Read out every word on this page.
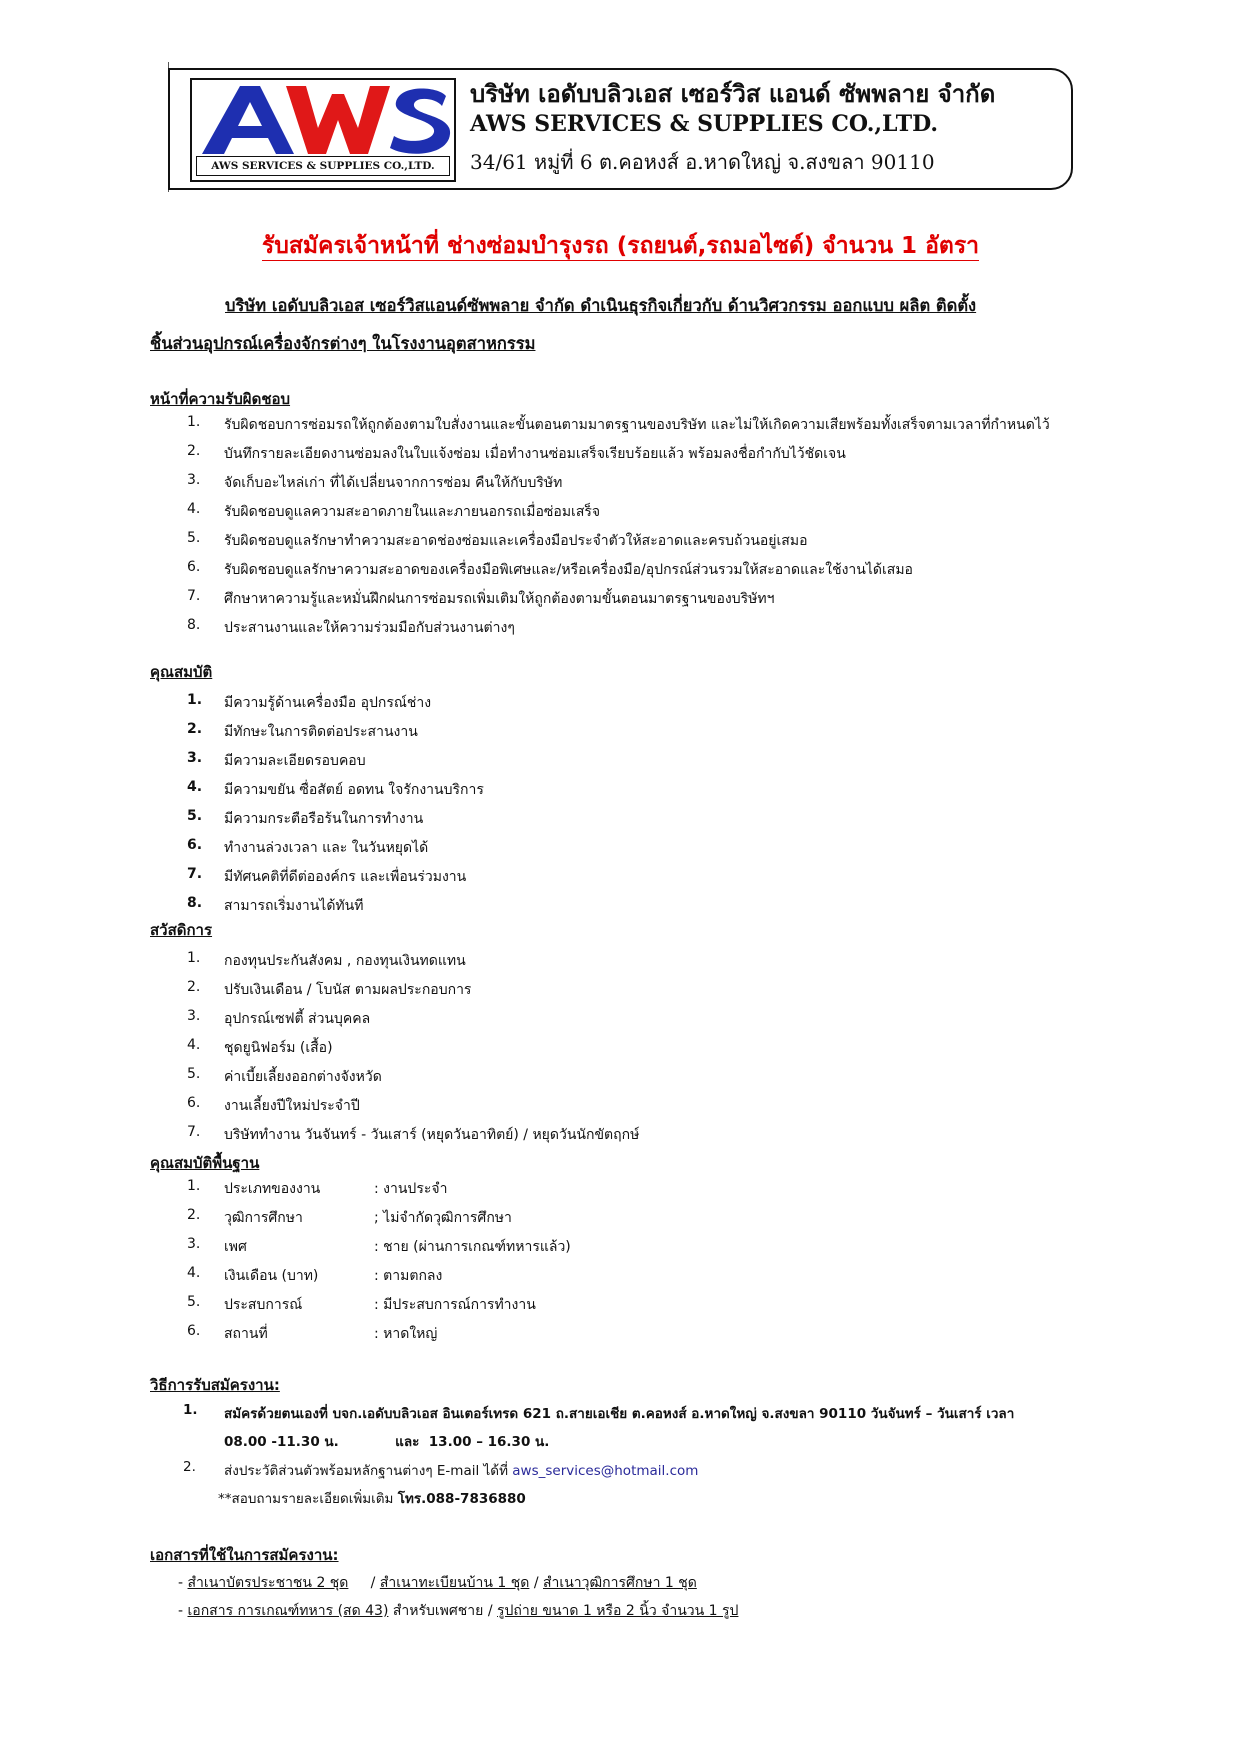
AWS SERVICES & SUPPLIES CO.,LTD.
บริษัท เอดับบลิวเอส เซอร์วิส แอนด์ ซัพพลาย จำกัด
AWS SERVICES & SUPPLIES CO.,LTD.
34/61 หมู่ที่ 6 ต.คอหงส์ อ.หาดใหญ่ จ.สงขลา 90110
รับสมัครเจ้าหน้าที่ ช่างซ่อมบำรุงรถ (รถยนต์,รถมอไซด์) จำนวน 1 อัตรา
บริษัท เอดับบลิวเอส เซอร์วิสแอนด์ซัพพลาย จำกัด ดำเนินธุรกิจเกี่ยวกับ ด้านวิศวกรรม ออกแบบ ผลิต ติดตั้ง
ชิ้นส่วนอุปกรณ์เครื่องจักรต่างๆ ในโรงงานอุตสาหกรรม
หน้าที่ความรับผิดชอบ
1.	รับผิดชอบการซ่อมรถให้ถูกต้องตามใบสั่งงานและขั้นตอนตามมาตรฐานของบริษัท และไม่ให้เกิดความเสียพร้อมทั้งเสร็จตามเวลาที่กำหนดไว้
2.	บันทึกรายละเอียดงานซ่อมลงในใบแจ้งซ่อม เมื่อทำงานซ่อมเสร็จเรียบร้อยแล้ว พร้อมลงชื่อกำกับไว้ชัดเจน
3.	จัดเก็บอะไหล่เก่า ที่ได้เปลี่ยนจากการซ่อม คืนให้กับบริษัท
4.	รับผิดชอบดูแลความสะอาดภายในและภายนอกรถเมื่อซ่อมเสร็จ
5.	รับผิดชอบดูแลรักษาทำความสะอาดช่องซ่อมและเครื่องมือประจำตัวให้สะอาดและครบถ้วนอยู่เสมอ
6.	รับผิดชอบดูแลรักษาความสะอาดของเครื่องมือพิเศษและ/หรือเครื่องมือ/อุปกรณ์ส่วนรวมให้สะอาดและใช้งานได้เสมอ
7.	ศึกษาหาความรู้และหมั่นฝึกฝนการซ่อมรถเพิ่มเติมให้ถูกต้องตามขั้นตอนมาตรฐานของบริษัทฯ
8.	ประสานงานและให้ความร่วมมือกับส่วนงานต่างๆ
คุณสมบัติ
1.	มีความรู้ด้านเครื่องมือ อุปกรณ์ช่าง
2.	มีทักษะในการติดต่อประสานงาน
3.	มีความละเอียดรอบคอบ
4.	มีความขยัน ซื่อสัตย์ อดทน ใจรักงานบริการ
5.	มีความกระตือรือร้นในการทำงาน
6.	ทำงานล่วงเวลา และ ในวันหยุดได้
7.	มีทัศนคติที่ดีต่อองค์กร และเพื่อนร่วมงาน
8.	สามารถเริ่มงานได้ทันที
สวัสดิการ
1.	กองทุนประกันสังคม , กองทุนเงินทดแทน
2.	ปรับเงินเดือน / โบนัส ตามผลประกอบการ
3.	อุปกรณ์เซฟตี้ ส่วนบุคคล
4.	ชุดยูนิฟอร์ม (เสื้อ)
5.	ค่าเบี้ยเลี้ยงออกต่างจังหวัด
6.	งานเลี้ยงปีใหม่ประจำปี
7.	บริษัททำงาน วันจันทร์ - วันเสาร์ (หยุดวันอาทิตย์) / หยุดวันนักขัตฤกษ์
คุณสมบัติพื้นฐาน
1.	ประเภทของงาน	: งานประจำ
2.	วุฒิการศึกษา	; ไม่จำกัดวุฒิการศึกษา
3.	เพศ	: ชาย (ผ่านการเกณฑ์ทหารแล้ว)
4.	เงินเดือน (บาท)	: ตามตกลง
5.	ประสบการณ์	: มีประสบการณ์การทำงาน
6.	สถานที่	: หาดใหญ่
วิธีการรับสมัครงาน:
1. สมัครด้วยตนเองที่ บจก.เอดับบลิวเอส อินเตอร์เทรด 621 ถ.สายเอเชีย ต.คอหงส์ อ.หาดใหญ่ จ.สงขลา 90110 วันจันทร์ – วันเสาร์ เวลา
08.00 -11.30 น.            และ  13.00 – 16.30 น.
2. ส่งประวัติส่วนตัวพร้อมหลักฐานต่างๆ E-mail ได้ที่ aws_services@hotmail.com
**สอบถามรายละเอียดเพิ่มเติม โทร.088-7836880
เอกสารที่ใช้ในการสมัครงาน:
- สำเนาบัตรประชาชน 2 ชุด     / สำเนาทะเบียนบ้าน 1 ชุด / สำเนาวุฒิการศึกษา 1 ชุด
- เอกสาร การเกณฑ์ทหาร (สด 43) สำหรับเพศชาย / รูปถ่าย ขนาด 1 หรือ 2 นิ้ว จำนวน 1 รูป
